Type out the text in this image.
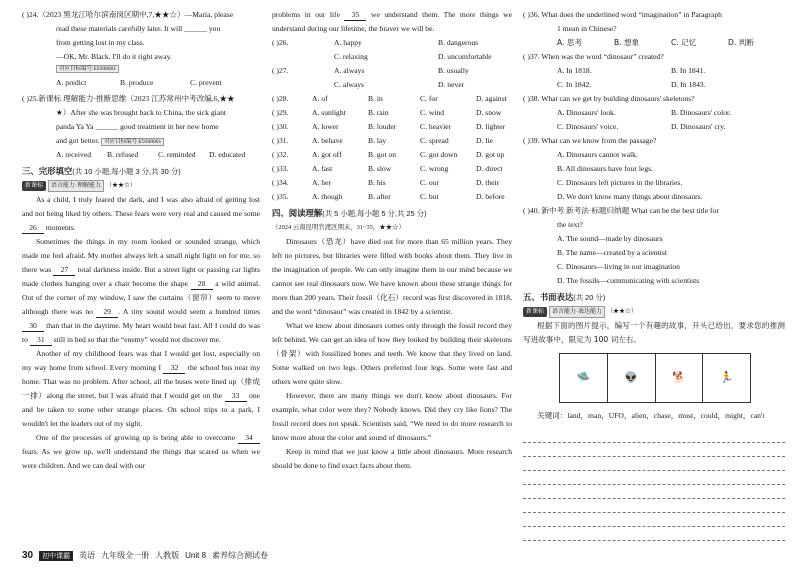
( )24.（2023 黑龙江哈尔滨南岗区期中,7,★★☆）—Maria, please

read these materials carefully later. It will ______ you

from getting lost in my class.

—OK, Mr. Black. I'll do it right away.

对应目标编号:E9308001
A. predict	B. produce	C. prevent

( )25.新课标 理解能力·推断思维（2023 江苏常州中考改编,6,★★

★）After she was brought back to China, the sick giant

panda Ya Ya ______ good treatment in her new home

and got better. 对应目标编号:E9308001

A. received	B. refused	C. reminded	D. educated
三、完形填空(共 10 小题,每小题 3 分,共 30 分)
新课标 语言能力·理解能力 （★★☆）

As a child, I truly feared the dark, and I was also afraid of getting lost and not being liked by others. These fears were very real and caused me some 26 moments.

Sometimes the things in my room looked or sounded strange, which made me feel afraid. My mother always left a small night light on for me, so there was 27 total darkness inside. But a street light or passing car lights made clothes hanging over a chair become the shape 28 a wild animal. Out of the corner of my window, I saw the curtains（窗帘）seem to move although there was no 29 . A tiny sound would seem a hundred times 30 than that in the daytime. My heart would beat fast. All I could do was to 31 still in bed so that the “enemy” would not discover me.

Another of my childhood fears was that I would get lost, especially on my way home from school. Every morning I 32 the school bus near my home. That was no problem. After school, all the buses were lined up（排成一排）along the street, but I was afraid that I would get on the 33 one and be taken to some other strange places. On school trips to a park, I wouldn't let the leaders out of my sight.

One of the processes of growing up is being able to overcome 34 fears. As we grow up, we'll understand the things that scared us when we were children. And we can deal with our

problems in our life 35 we understand them. The more things we understand during our lifetime, the braver we will be.

( )26.	A. happy	B. dangerous
C. relaxing	D. uncomfortable
( )27.	A. always	B. usually
C. always	D. never
( )28.	A. of	B. in	C. for	D. against
( )29.	A. sunlight	B. rain	C. wind	D. snow
( )30.	A. lower	B. louder	C. heavier	D. lighter
( )31.	A. behave	B. lay	C. spread	D. lie
( )32.	A. got off	B. got on	C. got down	D. got up
( )33.	A. fast	B. slow	C. wrong	D. direct
( )34.	A. her	B. his	C. our	D. their
( )35.	A. though	B. after	C. but	D. before
四、阅读理解(共 5 小题,每小题 5 分,共 25 分)

（2024 云南昆明官渡区期末，31~35，★★☆）

Dinosaurs（恐龙）have died out for more than 65 million years. They left no pictures, but libraries were filled with books about them. They live in the imagination of people. We can only imagine them in our mind because we cannot see real dinosaurs now. We have known about these strange things for more than 200 years. Their fossil（化石）record was first discovered in 1818, and the word “dinosaur” was created in 1842 by a scientist.

What we know about dinosaurs comes only through the fossil record they left behind. We can get an idea of how they looked by building their skeletons（骨架）with fossilized bones and teeth. We know that they lived on land. Some walked on two legs. Others preferred four legs. Some were fast and others were quite slow.

However, there are many things we don't know about dinosaurs. For example, what color were they? Nobody knows. Did they cry like lions? The fossil record does not speak. Scientists said, “We need to do more research to know more about the color and sound of dinosaurs.”

Keep in mind that we just know a little about dinosaurs. More research should be done to find exact facts about them.

( )36. What does the underlined word “imagination” in Paragraph

1 mean in Chinese?

A. 思考	B. 想象	C. 记忆	D. 判断

( )37. When was the word “dinosaur” created?

A. In 1818.	B. In 1841.
C. In 1842.	D. In 1843.

( )38. What can we get by building dinosaurs' skeletons?

A. Dinosaurs' look.	B. Dinosaurs' color.
C. Dinosaurs' voice.	D. Dinosaurs' cry.

( )39. What can we know from the passage?

A. Dinosaurs cannot walk.

B. All dinosaurs have four legs.

C. Dinosaurs left pictures in the libraries.

D. We don't know many things about dinosaurs.

( )40. 新中考 新考法·标题归纳题 What can be the best title for

the text?

A. The sound—made by dinosaurs

B. The name—created by a scientist

C. Dinosaurs—living in our imagination

D. The fossils—communicating with scientists

五、书面表达(共 20 分)
新课标 语言能力·表达能力 （★★☆）

根据下面的图片提示，编写一个有趣的故事，开头已给出，要求您的推测写进故事中，限定为 100 词左右。

🛸	👽	🐕	🏃

关键词：land，man，UFO，alien，chase，must，could，might，can't

30	初中课霸	英语 九年级全一册 人教版 Unit 8 素养综合测试卷
